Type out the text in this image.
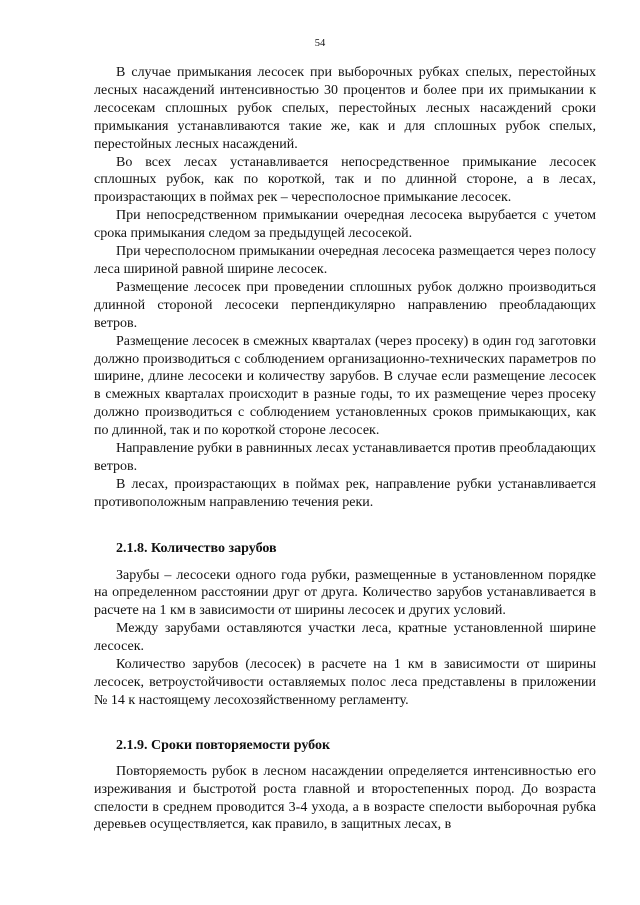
54

В случае примыкания лесосек при выборочных рубках спелых, перестойных лесных насаждений интенсивностью 30 процентов и более при их примыкании к лесосекам сплошных рубок спелых, перестойных лесных насаждений сроки примыкания устанавливаются такие же, как и для сплошных рубок спелых, перестойных лесных насаждений.

Во всех лесах устанавливается непосредственное примыкание лесосек сплошных рубок, как по короткой, так и по длинной стороне, а в лесах, произрастающих в поймах рек – чересполосное примыкание лесосек.

При непосредственном примыкании очередная лесосека вырубается с учетом срока примыкания следом за предыдущей лесосекой.

При чересполосном примыкании очередная лесосека размещается через полосу леса шириной равной ширине лесосек.

Размещение лесосек при проведении сплошных рубок должно производиться длинной стороной лесосеки перпендикулярно направлению преобладающих ветров.

Размещение лесосек в смежных кварталах (через просеку) в один год заготовки должно производиться с соблюдением организационно-технических параметров по ширине, длине лесосеки и количеству зарубов. В случае если размещение лесосек в смежных кварталах происходит в разные годы, то их размещение через просеку должно производиться с соблюдением установленных сроков примыкающих, как по длинной, так и по короткой стороне лесосек.

Направление рубки в равнинных лесах устанавливается против преобладающих ветров.

В лесах, произрастающих в поймах рек, направление рубки устанавливается противоположным направлению течения реки.

2.1.8. Количество зарубов

Зарубы – лесосеки одного года рубки, размещенные в установленном порядке на определенном расстоянии друг от друга. Количество зарубов устанавливается в расчете на 1 км в зависимости от ширины лесосек и других условий.

Между зарубами оставляются участки леса, кратные установленной ширине лесосек.

Количество зарубов (лесосек) в расчете на 1 км в зависимости от ширины лесосек, ветроустойчивости оставляемых полос леса представлены в приложении № 14 к настоящему лесохозяйственному регламенту.

2.1.9. Сроки повторяемости рубок

Повторяемость рубок в лесном насаждении определяется интенсивностью его изреживания и быстротой роста главной и второстепенных пород. До возраста спелости в среднем проводится 3-4 ухода, а в возрасте спелости выборочная рубка деревьев осуществляется, как правило, в защитных лесах, в
